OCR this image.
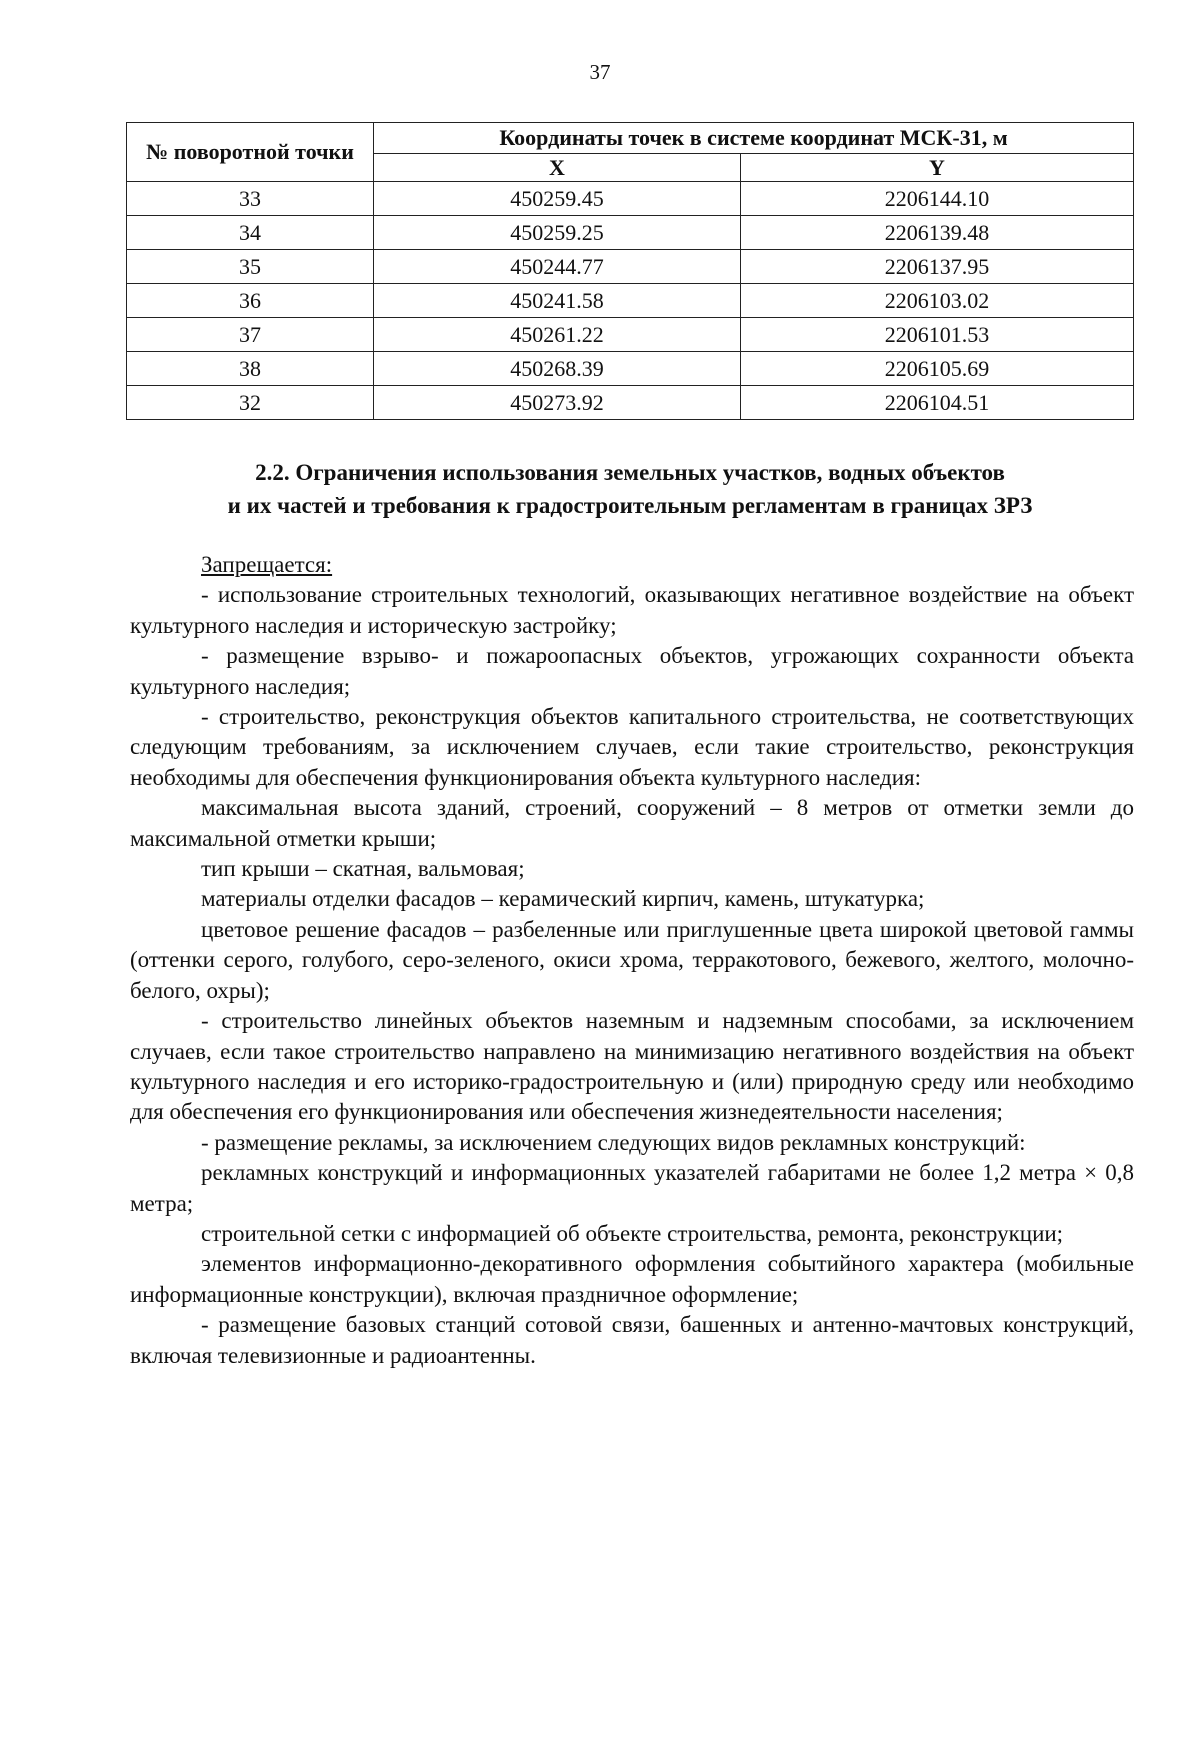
37
№ поворотной точки	Координаты точек в системе координат МСК-31, м	
	X	Y
33	450259.45	2206144.10
34	450259.25	2206139.48
35	450244.77	2206137.95
36	450241.58	2206103.02
37	450261.22	2206101.53
38	450268.39	2206105.69
32	450273.92	2206104.51
2.2. Ограничения использования земельных участков, водных объектов
и их частей и требования к градостроительным регламентам в границах ЗРЗ

Запрещается:

- использование строительных технологий, оказывающих негативное воздействие на объект культурного наследия и историческую застройку;

- размещение взрыво- и пожароопасных объектов, угрожающих сохранности объекта культурного наследия;

- строительство, реконструкция объектов капитального строительства, не соответствующих следующим требованиям, за исключением случаев, если такие строительство, реконструкция необходимы для обеспечения функционирования объекта культурного наследия:

максимальная высота зданий, строений, сооружений – 8 метров от отметки земли до максимальной отметки крыши;

тип крыши – скатная, вальмовая;

материалы отделки фасадов – керамический кирпич, камень, штукатурка;

цветовое решение фасадов – разбеленные или приглушенные цвета широкой цветовой гаммы (оттенки серого, голубого, серо-зеленого, окиси хрома, терракотового, бежевого, желтого, молочно-белого, охры);

- строительство линейных объектов наземным и надземным способами, за исключением случаев, если такое строительство направлено на минимизацию негативного воздействия на объект культурного наследия и его историко-градостроительную и (или) природную среду или необходимо для обеспечения его функционирования или обеспечения жизнедеятельности населения;

- размещение рекламы, за исключением следующих видов рекламных конструкций:

рекламных конструкций и информационных указателей габаритами не более 1,2 метра × 0,8 метра;

строительной сетки с информацией об объекте строительства, ремонта, реконструкции;

элементов информационно-декоративного оформления событийного характера (мобильные информационные конструкции), включая праздничное оформление;

- размещение базовых станций сотовой связи, башенных и антенно-мачтовых конструкций, включая телевизионные и радиоантенны.
